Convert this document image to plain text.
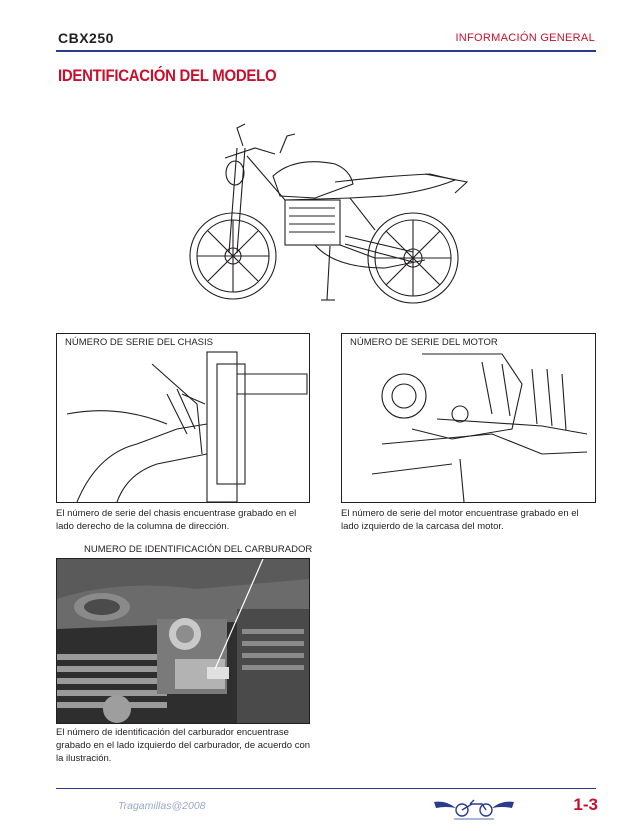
CBX250	INFORMACIÓN GENERAL
IDENTIFICACIÓN DEL MODELO
NÚMERO DE SERIE DEL CHASIS
El número de serie del chasis encuentrase grabado en el lado derecho de la columna de dirección.
NÚMERO DE SERIE DEL MOTOR
El número de serie del motor encuentrase grabado en el lado izquierdo de la carcasa del motor.
NUMERO DE IDENTIFICACIÓN DEL CARBURADOR
El número de identificación del carburador encuentrase grabado en el lado izquierdo del carburador, de acuerdo con la ilustración.
Tragamillas@2008	1-3
